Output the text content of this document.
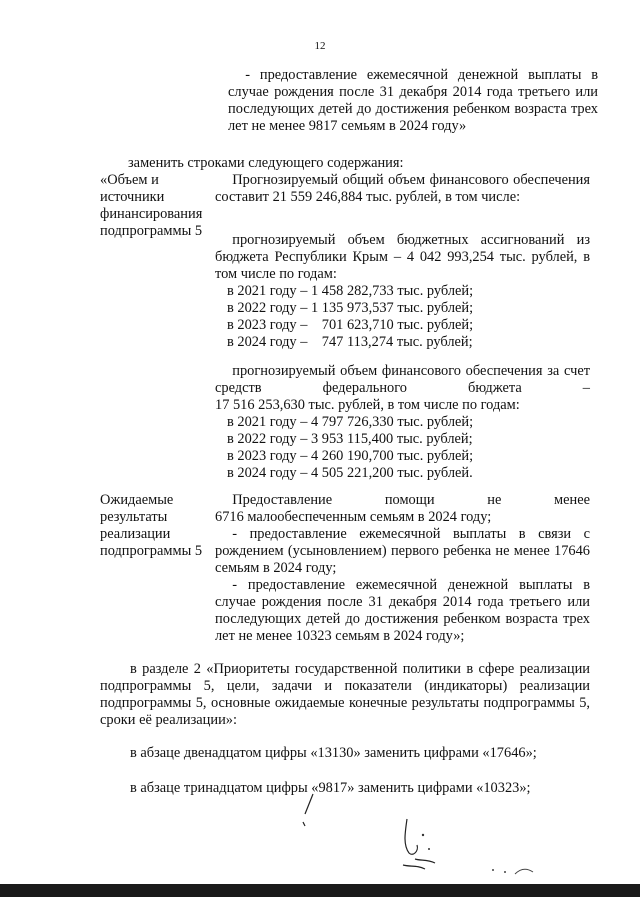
12

- предоставление ежемесячной денежной выплаты в случае рождения после 31 декабря 2014 года третьего или последующих детей до достижения ребенком возраста трех лет не менее 9817 семьям в 2024 году»

заменить строками следующего содержания:

«Объем и

источники

финансирования

подпрограммы 5

Прогнозируемый общий объем финансового обеспечения составит 21 559 246,884 тыс. рублей, в том числе:

прогнозируемый объем бюджетных ассигнований из бюджета Республики Крым – 4 042 993,254 тыс. рублей, в том числе по годам:

в 2021 году – 1 458 282,733 тыс. рублей;

в 2022 году – 1 135 973,537 тыс. рублей;

в 2023 году –    701 623,710 тыс. рублей;

в 2024 году –    747 113,274 тыс. рублей;

прогнозируемый объем финансового обеспечения за счет

средств федерального бюджета –

17 516 253,630 тыс. рублей, в том числе по годам:

в 2021 году – 4 797 726,330 тыс. рублей;

в 2022 году – 3 953 115,400 тыс. рублей;

в 2023 году – 4 260 190,700 тыс. рублей;

в 2024 году – 4 505 221,200 тыс. рублей.

Ожидаемые

результаты

реализации

подпрограммы 5

Предоставление помощи не менее

6716 малообеспеченным семьям в 2024 году;

- предоставление ежемесячной выплаты в связи с рождением (усыновлением) первого ребенка не менее 17646 семьям в 2024 году;

- предоставление ежемесячной денежной выплаты в случае рождения после 31 декабря 2014 года третьего или последующих детей до достижения ребенком возраста трех лет не менее 10323 семьям в 2024 году»;

в разделе 2 «Приоритеты государственной политики в сфере реализации подпрограммы 5, цели, задачи и показатели (индикаторы) реализации подпрограммы 5, основные ожидаемые конечные результаты подпрограммы 5, сроки её реализации»:

в абзаце двенадцатом цифры «13130» заменить цифрами «17646»;

в абзаце тринадцатом цифры «9817» заменить цифрами «10323»;
